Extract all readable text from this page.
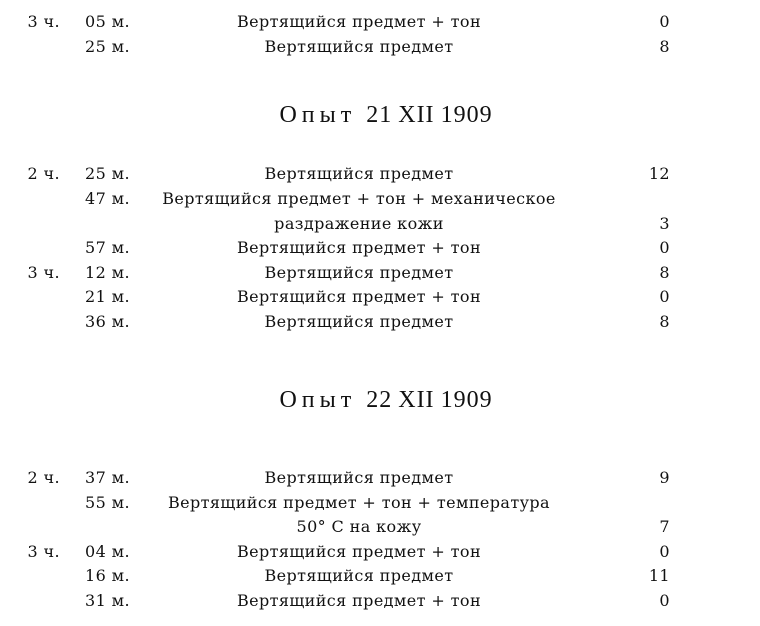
3 ч. 05 м.	Вертящийся предмет + тон	0
25 м.	Вертящийся предмет	8
Опыт 21 XII 1909
2 ч. 25 м.	Вертящийся предмет	12
47 м.	Вертящийся предмет + тон + механическое
раздражение кожи	3
57 м.	Вертящийся предмет + тон	0
3 ч. 12 м.	Вертящийся предмет	8
21 м.	Вертящийся предмет + тон	0
36 м.	Вертящийся предмет	8
Опыт 22 XII 1909
2 ч. 37 м.	Вертящийся предмет	9
55 м.	Вертящийся предмет + тон + температура
50° С на кожу	7
3 ч. 04 м.	Вертящийся предмет + тон	0
16 м.	Вертящийся предмет	11
31 м.	Вертящийся предмет + тон	0
